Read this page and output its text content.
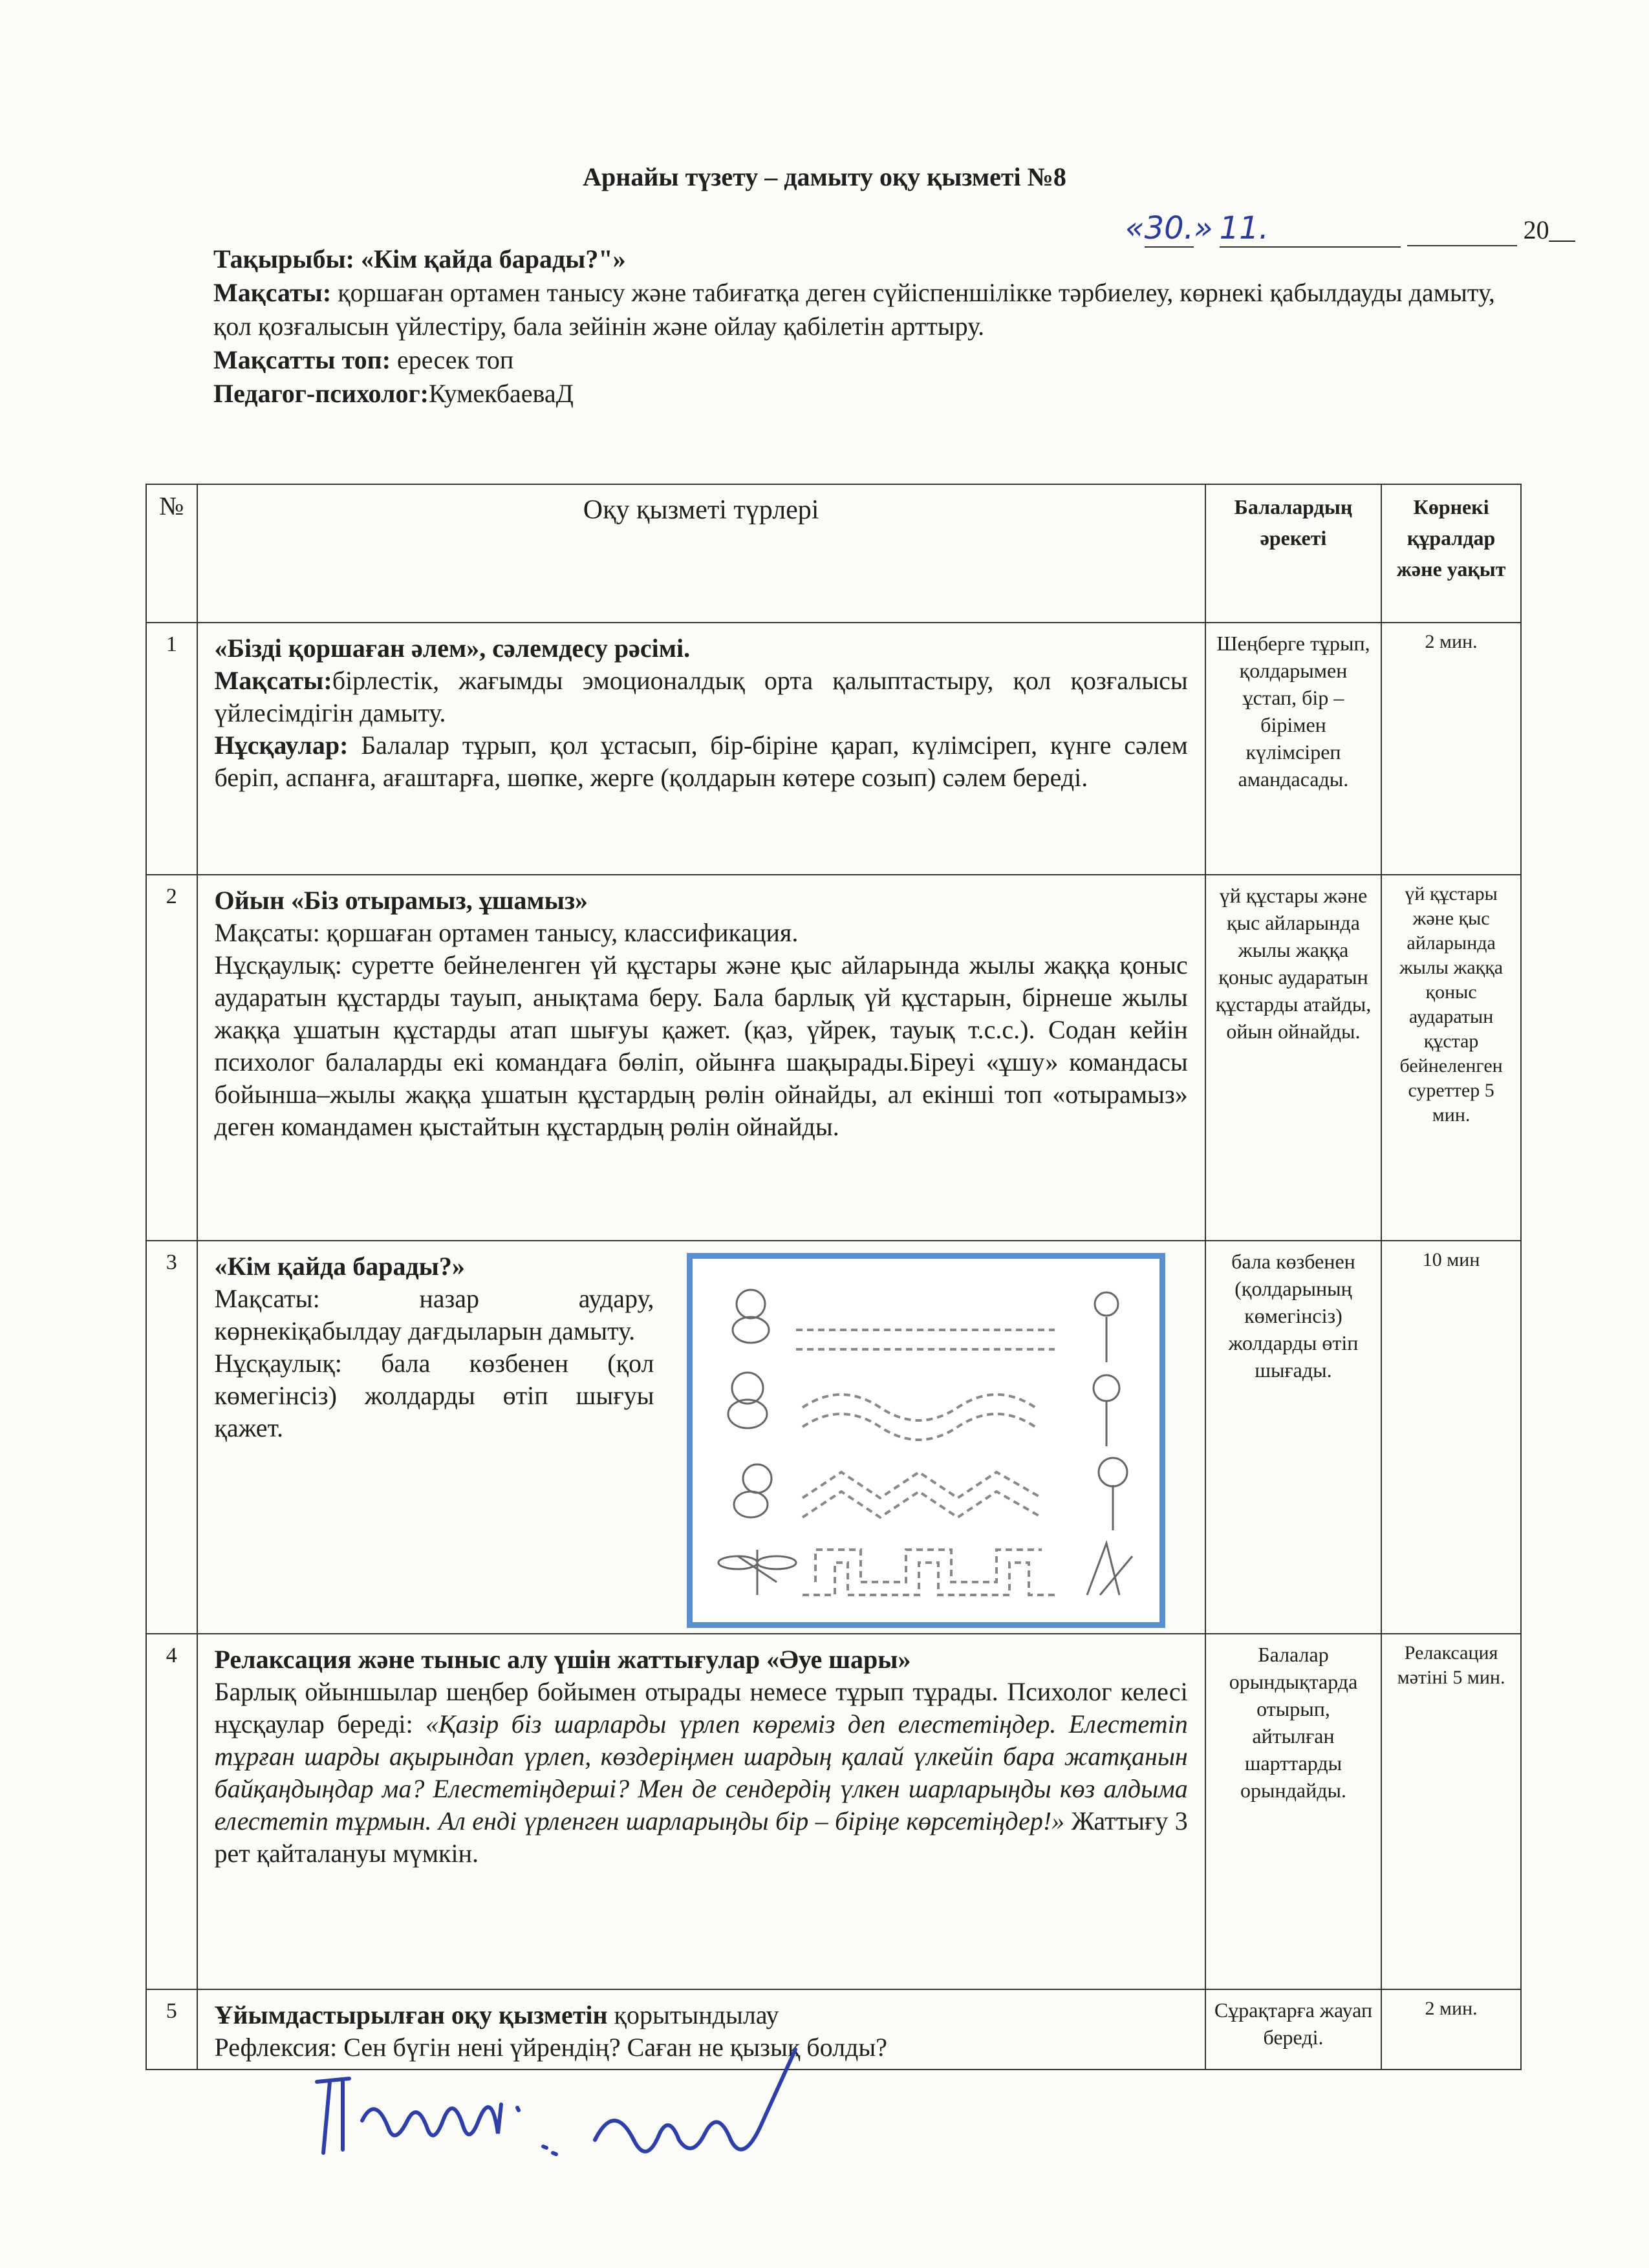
Арнайы түзету – дамыту оқу қызметі №8
«30.» 11.	20__

Тақырыбы: «Кім қайда барады?"»

Мақсаты: қоршаған ортамен танысу және табиғатқа деген сүйіспеншілікке тәрбиелеу, көрнекі қабылдауды дамыту, қол қозғалысын үйлестіру, бала зейінін және ойлау қабілетін арттыру.

Мақсатты топ: ересек топ

Педагог-психолог:КумекбаеваД

№	Оқу қызметі түрлері	Балалардың әрекеті	Көрнекі құралдар және уақыт
1	«Бізді қоршаған әлем», сәлемдесу рәсімі.
Мақсаты:бірлестік, жағымды эмоционалдық орта қалыптастыру, қол қозғалысы үйлесімдігін дамыту.
Нұсқаулар: Балалар тұрып, қол ұстасып, бір-біріне қарап, күлімсіреп, күнге сәлем беріп, аспанға, ағаштарға, шөпке, жерге (қолдарын көтере созып) сәлем береді.	Шеңберге тұрып, қолдарымен ұстап, бір – бірімен күлімсіреп амандасады.	2 мин.
2	Ойын «Біз отырамыз, ұшамыз»
Мақсаты: қоршаған ортамен танысу, классификация.
Нұсқаулық: суретте бейнеленген үй құстары және қыс айларында жылы жаққа қоныс аударатын құстарды тауып, анықтама беру. Бала барлық үй құстарын, бірнеше жылы жаққа ұшатын құстарды атап шығуы қажет. (қаз, үйрек, тауық т.с.с.). Содан кейін психолог балаларды екі командаға бөліп, ойынға шақырады.Біреуі «ұшу» командасы бойынша–жылы жаққа ұшатын құстардың рөлін ойнайды, ал екінші топ «отырамыз» деген командамен қыстайтын құстардың рөлін ойнайды.	үй құстары және қыс айларында жылы жаққа қоныс аударатын құстарды атайды, ойын ойнайды.	үй құстары және қыс айларында жылы жаққа қоныс аударатын құстар бейнеленген суреттер 5 мин.
3	«Кім қайда барады?»
Мақсаты: назар аудару, көрнекіқабылдау дағдыларын дамыту.
Нұсқаулық: бала көзбенен (қол көмегінсіз) жолдарды өтіп шығуы қажет.	бала көзбенен (қолдарының көмегінсіз) жолдарды өтіп шығады.	10 мин
4	Релаксация және тыныс алу үшін жаттығулар «Әуе шары»
Барлық ойыншылар шеңбер бойымен отырады немесе тұрып тұрады. Психолог келесі нұсқаулар береді: «Қазір біз шарларды үрлеп көреміз деп елестетіңдер. Елестетіп тұрған шарды ақырындап үрлеп, көздеріңмен шардың қалай үлкейіп бара жатқанын байқаңдыңдар ма? Елестетіңдерші? Мен де сендердің үлкен шарларыңды көз алдыма елестетіп тұрмын. Ал енді үрленген шарларыңды бір – біріңе көрсетіңдер!» Жаттығу 3 рет қайталануы мүмкін.	Балалар орындықтарда отырып, айтылған шарттарды орындайды.	Релаксация мәтіні 5 мин.
5	Ұйымдастырылған оқу қызметін қорытындылау
Рефлексия: Сен бүгін нені үйрендің? Саған не қызық болды?	Сұрақтарға жауап береді.	2 мин.
